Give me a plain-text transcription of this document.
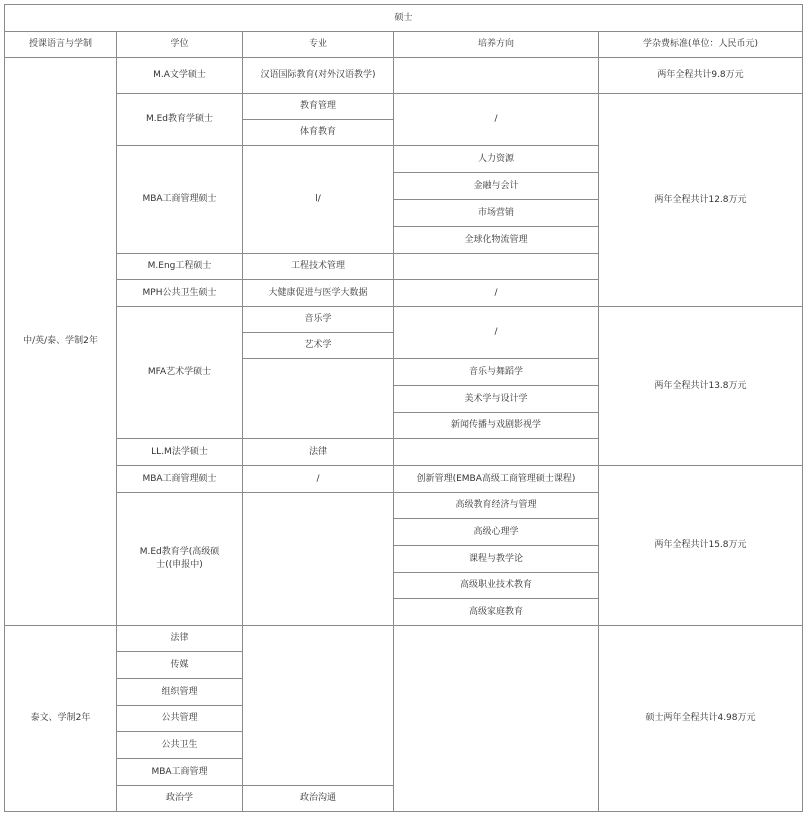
硕士				
授课语言与学制	学位	专业	培养方向	学杂费标准(单位：人民币元)
中/英/泰、学制2年	M.A文学硕士	汉语国际教育(对外汉语教学)		两年全程共计9.8万元
	M.Ed教育学硕士	教育管理	/	两年全程共计12.8万元
		体育教育		
	MBA工商管理硕士	l/	人力资源	
			金融与会计	
			市场营销	
			全球化物流管理	
	M.Eng工程硕士	工程技术管理		
	MPH公共卫生硕士	大健康促进与医学大数据	/	
	MFA艺术学硕士	音乐学	/	两年全程共计13.8万元
		艺术学		
			音乐与舞蹈学	
			美术学与设计学	
			新闻传播与戏剧影视学	
	LL.M法学硕士	法律		
	MBA工商管理硕士	/	创新管理(EMBA高级工商管理硕士课程)	两年全程共计15.8万元
	M.Ed教育学(高级硕士((申报中)		高级教育经济与管理	
			高级心理学	
			课程与教学论	
			高级职业技术教育	
			高级家庭教育	
泰文、学制2年	法律			硕士两年全程共计4.98万元
	传媒			
	组织管理			
	公共管理			
	公共卫生			
	MBA工商管理			
	政治学	政治沟通		
